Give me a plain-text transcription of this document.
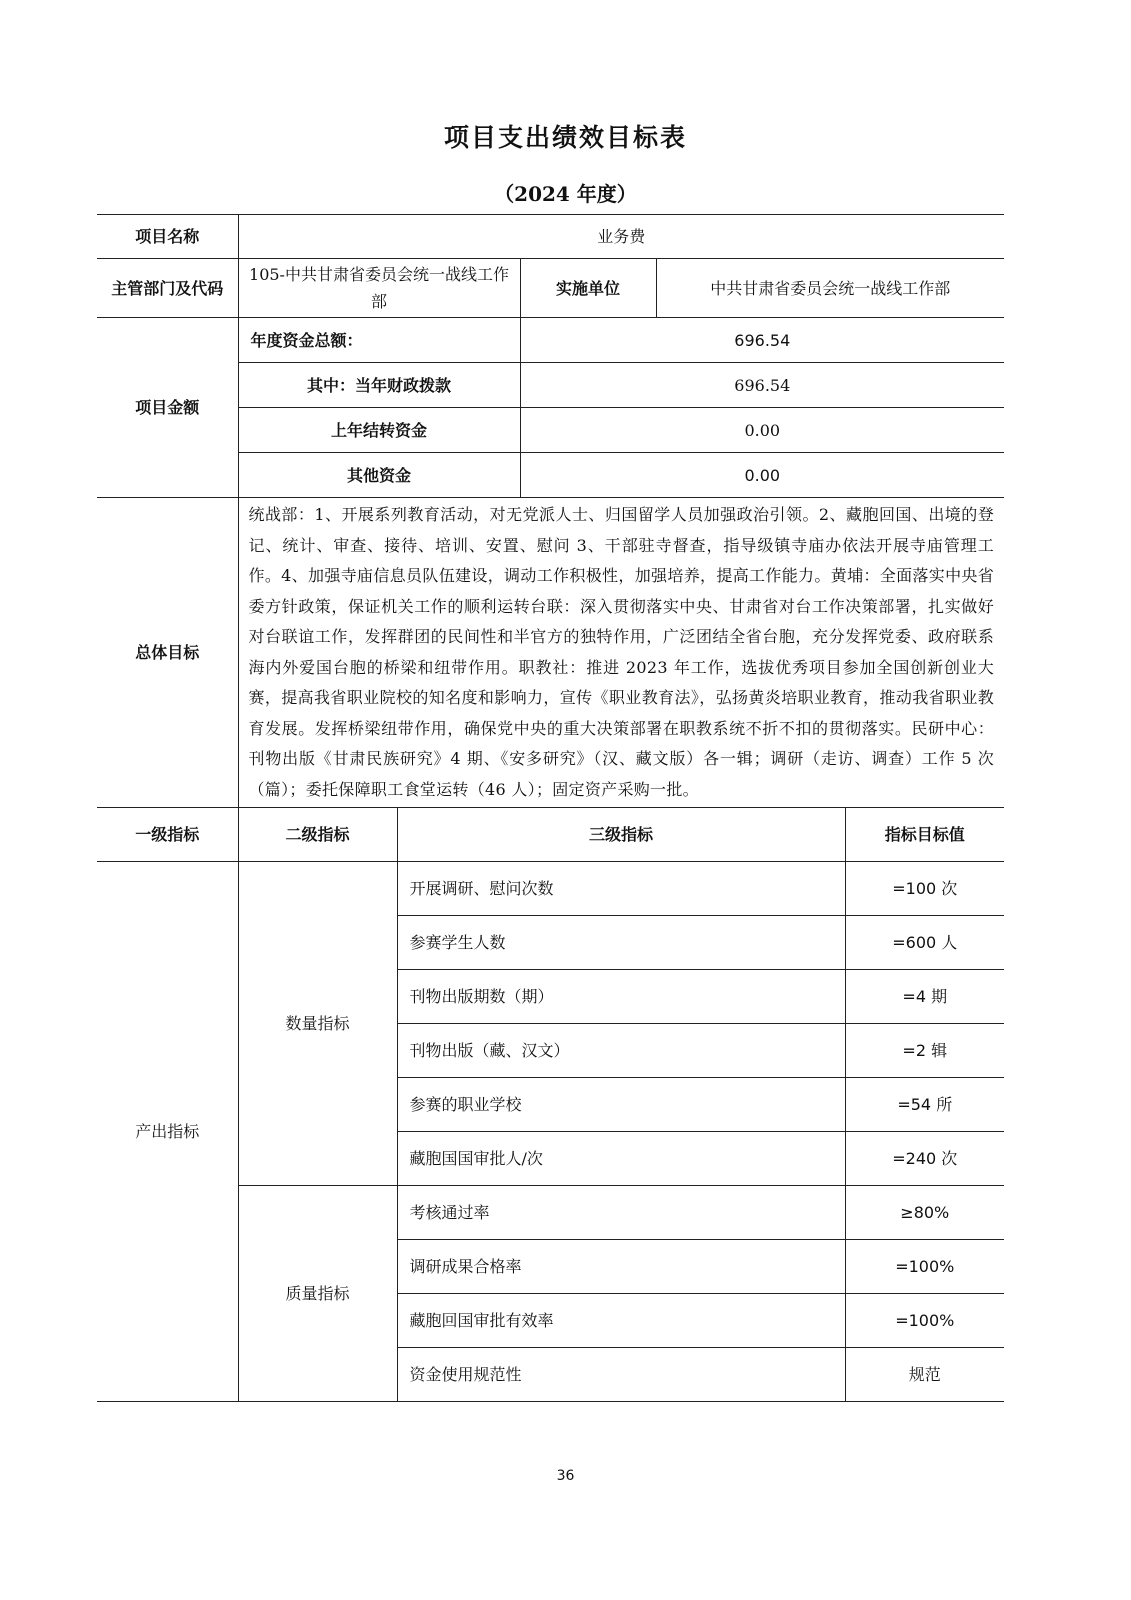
项目支出绩效目标表
（2024 年度）
项目名称	业务费				
主管部门及代码	105-中共甘肃省委员会统一战线工作部		实施单位	中共甘肃省委员会统一战线工作部	
项目金额	年度资金总额：		696.54		
	其中：当年财政拨款		696.54		
	上年结转资金		0.00		
	其他资金		0.00		
总体目标	统战部：1、开展系列教育活动，对无党派人士、归国留学人员加强政治引领。2、藏胞回国、出境的登记、统计、审查、接待、培训、安置、慰问 3、干部驻寺督查，指导级镇寺庙办依法开展寺庙管理工作。4、加强寺庙信息员队伍建设，调动工作积极性，加强培养，提高工作能力。黄埔：全面落实中央省委方针政策，保证机关工作的顺利运转台联：深入贯彻落实中央、甘肃省对台工作决策部署，扎实做好对台联谊工作，发挥群团的民间性和半官方的独特作用，广泛团结全省台胞，充分发挥党委、政府联系海内外爱国台胞的桥梁和纽带作用。职教社：推进 2023 年工作，选拔优秀项目参加全国创新创业大赛，提高我省职业院校的知名度和影响力，宣传《职业教育法》，弘扬黄炎培职业教育，推动我省职业教育发展。发挥桥梁纽带作用，确保党中央的重大决策部署在职教系统不折不扣的贯彻落实。民研中心：刊物出版《甘肃民族研究》4 期、《安多研究》（汉、藏文版）各一辑；调研（走访、调查）工作 5 次（篇）；委托保障职工食堂运转（46 人）；固定资产采购一批。				
一级指标	二级指标	三级指标			指标目标值
产出指标	数量指标	开展调研、慰问次数			=100 次
		参赛学生人数			=600 人
		刊物出版期数（期）			=4 期
		刊物出版（藏、汉文）			=2 辑
		参赛的职业学校			=54 所
		藏胞国国审批人/次			=240 次
	质量指标	考核通过率			≥80%
		调研成果合格率			=100%
		藏胞回国审批有效率			=100%
		资金使用规范性			规范
36
